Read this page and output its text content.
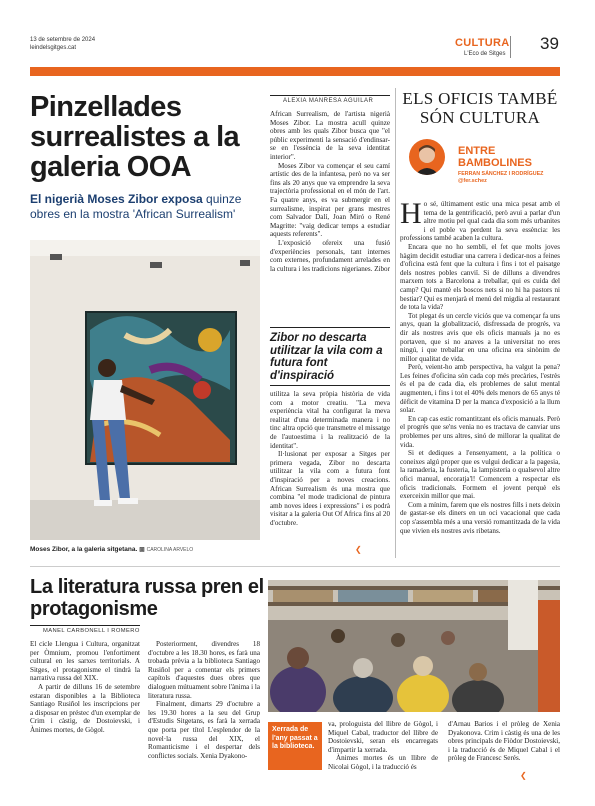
13 de setembre de 2024
leindelsgitges.cat	CULTURA
L'Eco de Sitges
39
Pinzellades surrealistes a la galeria OOA
El nigerià Moses Zibor exposa quinze obres en la mostra 'African Surrealism'
Moses Zibor, a la galeria sitgetana. ▩ CAROLINA ARVELO
ALEXIA MANRESA AGUILAR

African Surrealism, de l'artista nigerià Moses Zibor. La mostra acull quinze obres amb les quals Zibor busca que "el públic experimenti la sensació d'endinsar-se en l'essència de la seva identitat interior".

Moses Zibor va començar el seu camí artístic des de la infantesa, però no va ser fins als 20 anys que va emprendre la seva trajectòria professional en el món de l'art. Fa quatre anys, es va submergir en el surrealisme, inspirat per grans mestres com Salvador Dalí, Joan Miró o René Magritte: "vaig dedicar temps a estudiar aquests referents".

L'exposició ofereix una fusió d'experiències personals, tant internes com externes, profundament arrelades en la cultura i les tradicions nigerianes. Zibor

Zibor no descarta utilitzar la vila com a futura font d'inspiració

utilitza la seva pròpia història de vida com a motor creatiu. "La meva experiència vital ha configurat la meva realitat d'una determinada manera i no tinc altra opció que transmetre el missatge de l'autoestima i la realització de la identitat".

Il·lusionat per exposar a Sitges per primera vegada, Zibor no descarta utilitzar la vila com a futura font d'inspiració per a noves creacions. African Surrealism és una mostra que combina "el mode tradicional de pintura amb noves idees i expressions" i es podrà visitar a la galeria Out Of Africa fins al 20 d'octubre.

❮
ELS OFICIS TAMBÉ SÓN CULTURA
ENTRE
BAMBOLINES
FERRAN SÁNCHEZ I RODRÍGUEZ
@fer.schez

Ho sé, últimament estic una mica pesat amb el tema de la gentrificació, però avui a parlar d'un altre motiu pel qual cada dia som més urbanites i el poble va perdent la seva essència: les professions també acaben la cultura.

Encara que no ho sembli, el fet que molts joves hàgim decidit estudiar una carrera i dedicar-nos a feines d'oficina està fent que la cultura i fins i tot el paisatge dels nostres pobles canviï. Si de dilluns a divendres marxem tots a Barcelona a treballar, qui es cuida del camp? Qui mantè els boscos nets si no hi ha pastors ni bestiar? Qui es menjarà el menú del migdia al restaurant de tota la vida?

Tot plegat és un cercle viciós que va començar fa uns anys, quan la globalització, disfressada de progrés, va dir als nostres avis que els oficis manuals ja no es portaven, que si no anaves a la universitat no eres ningú, i que treballar en una oficina era sinònim de millor qualitat de vida.

Però, veient-ho amb perspectiva, ha valgut la pena? Les feines d'oficina són cada cop més precàries, l'estrès és el pa de cada dia, els problemes de salut mental augmenten, i fins i tot el 40% dels menors de 65 anys té dèficit de vitamina D per la manca d'exposició a la llum solar.

En cap cas estic romantitzant els oficis manuals. Però el progrés que se'ns venia no es tractava de canviar uns problemes per uns altres, sinó de millorar la qualitat de vida.

Si et dediques a l'ensenyament, a la política o coneixes algú proper que es vulgui dedicar a la pagesia, la ramaderia, la fusteria, la lampisteria o qualsevol altre ofici manual, encoratja'l! Comencem a respectar els oficis tradicionals. Formem el jovent perquè els exerceixin millor que mai.

Com a mínim, farem que els nostres fills i nets deixin de gastar-se els diners en un oci vacacional que cada cop s'assembla més a una versió romantitzada de la vida que vivien els nostres avis ribetans.

La literatura russa pren el protagonisme
MANEL CARBONELL I ROMERO

El cicle Llengua i Cultura, organitzat per Òmnium, promou l'enfortiment cultural en les sarxes territorials. A Sitges, el protagonisme el tindrà la narrativa russa del XIX.

A partir de dilluns 16 de setembre estaran disponibles a la Biblioteca Santiago Rusiñol les inscripcions per a disposar en préstec d'un exemplar de Crim i càstig, de Dostoievski, i Ànimes mortes, de Gògol.

Posteriorment, divendres 18 d'octubre a les 18.30 hores, es farà una trobada prèvia a la biblioteca Santiago Rusiñol per a comentar els primers capítols d'aquestes dues obres que dialoguen mútuament sobre l'ànima i la literatura russa.

Finalment, dimarts 29 d'octubre a les 19.30 hores a la seu del Grup d'Estudis Sitgetans, es farà la xerrada que porta per títol L'esplendor de la novel·la russa del XIX, el Romanticisme i el despertar dels conflictes socials. Xenia Dyakono-

Xerrada de l'any passat a la biblioteca.

va, prologuista del llibre de Gògol, i Miquel Cabal, traductor del llibre de Dostoievski, seran els encarregats d'impartir la xerrada.

Ànimes mortes és un llibre de Nicolai Gògol, i la traducció és

d'Arnau Barios i el pròleg de Xenia Dyakonova. Crim i càstig és una de les obres principals de Fiòdor Dostoievski, i la traducció és de Miquel Cabal i el pròleg de Francesc Serés.

❮
